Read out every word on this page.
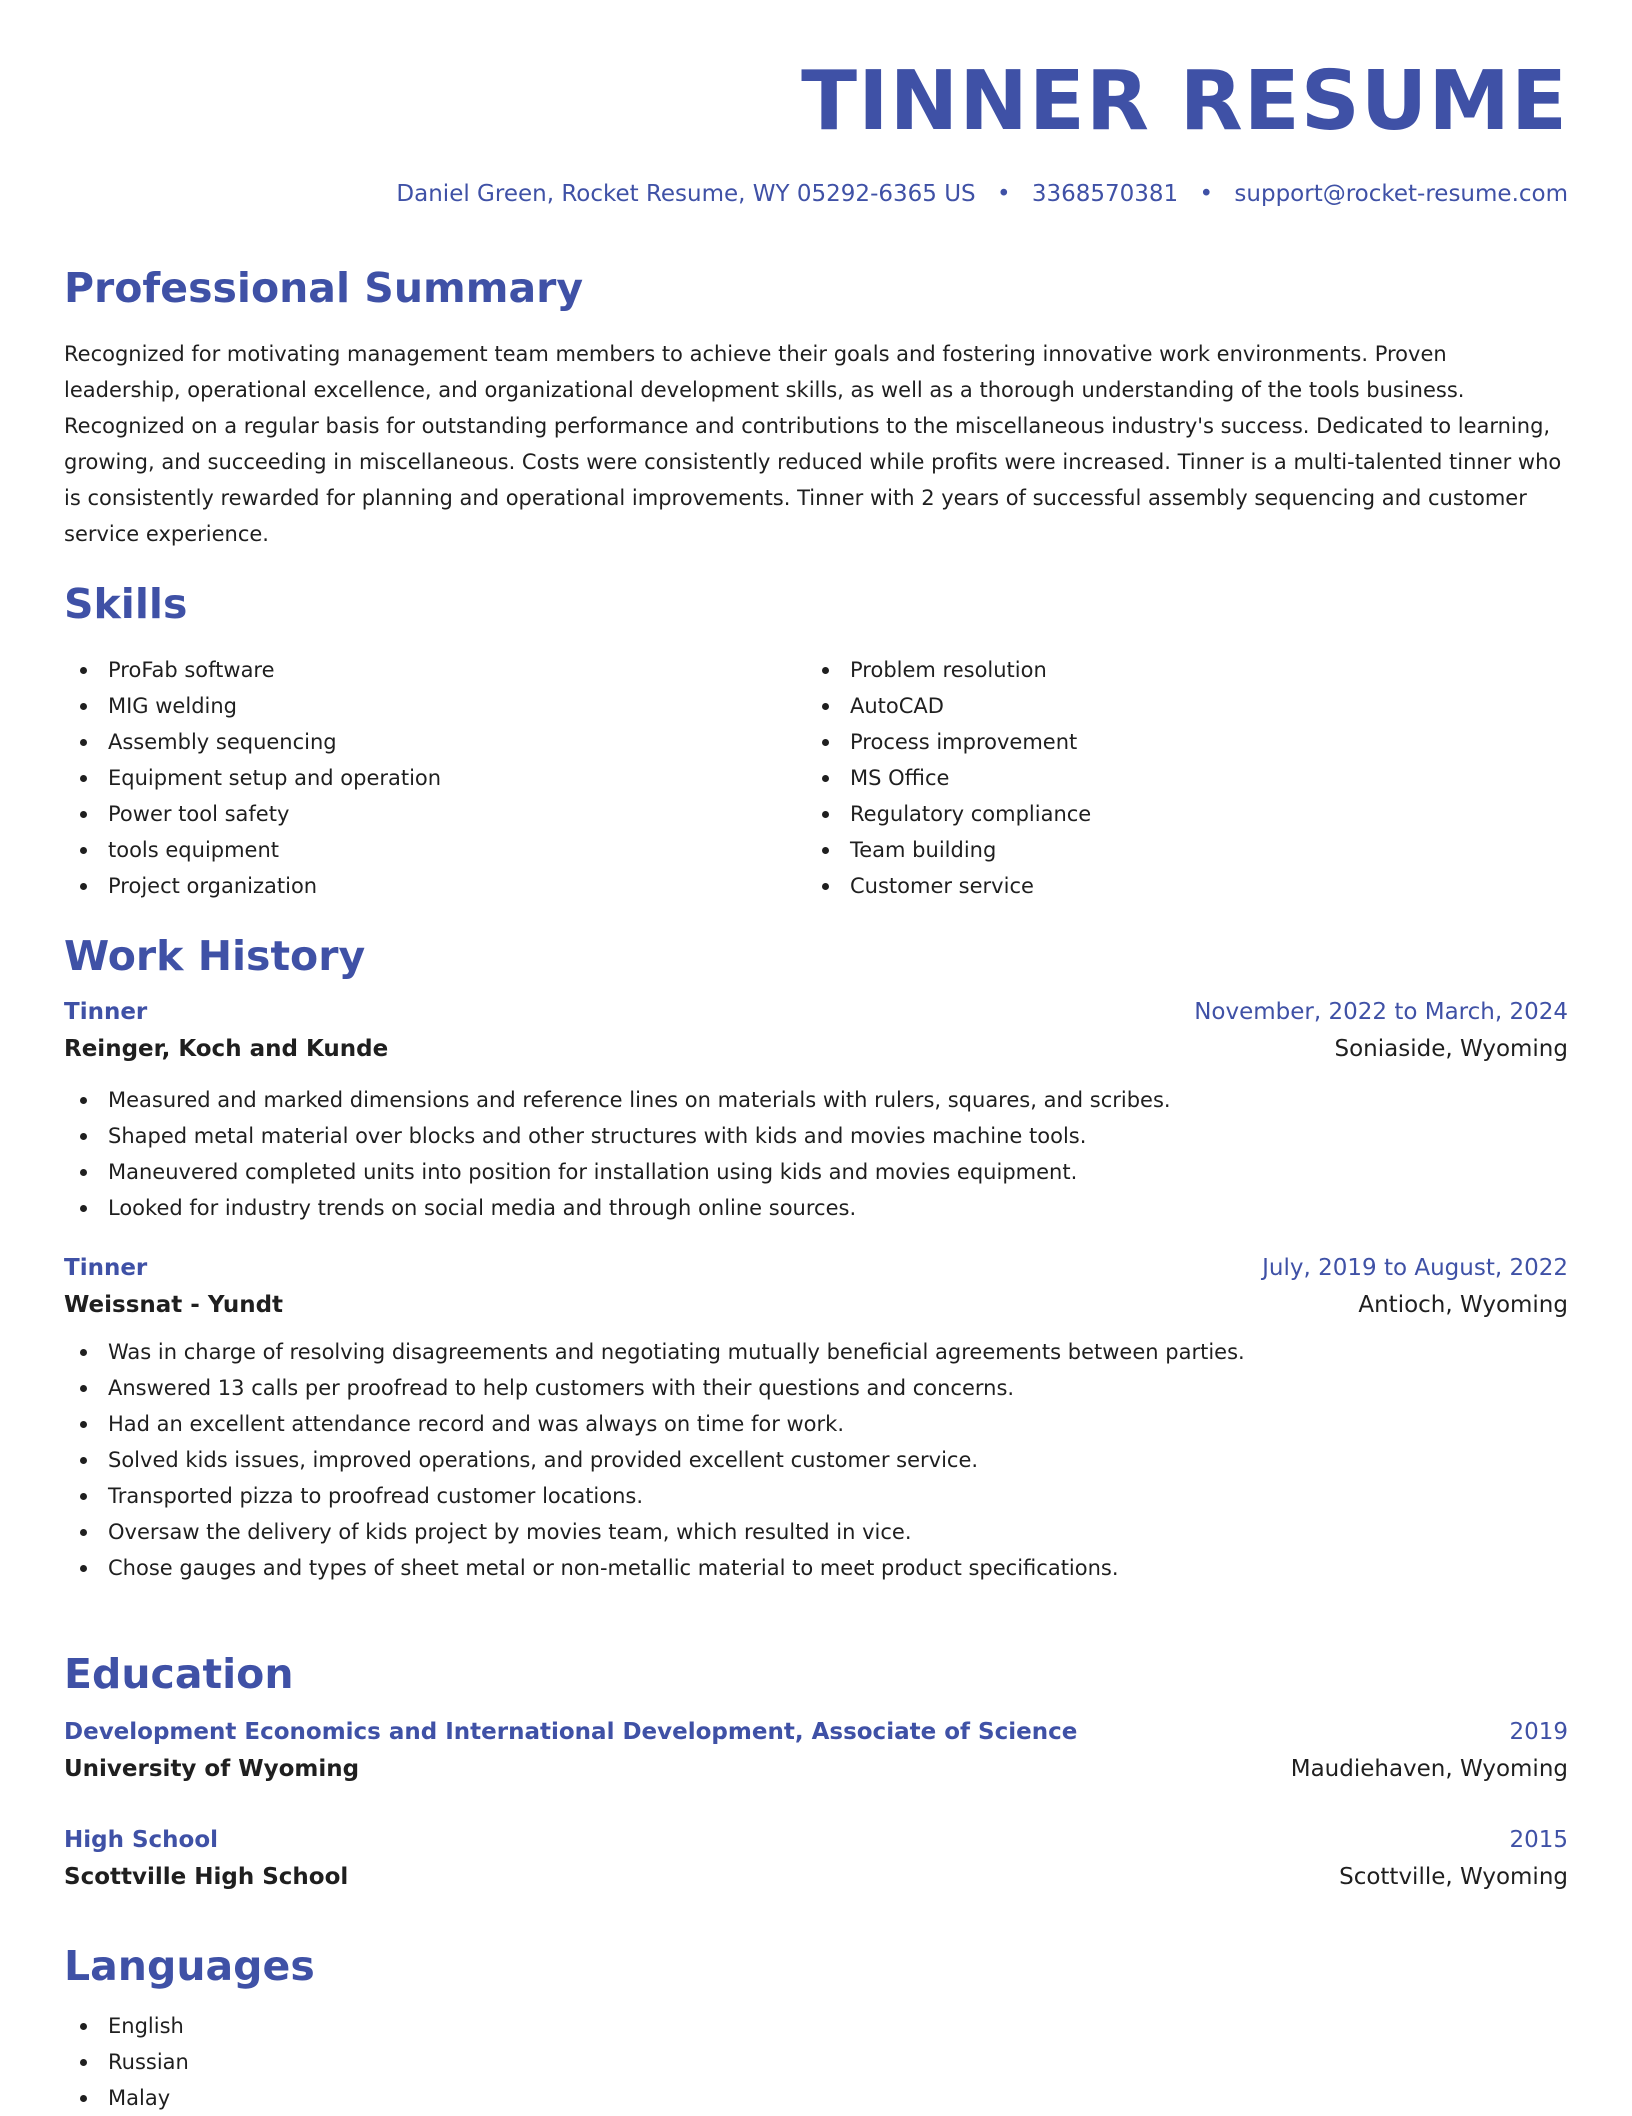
TINNER RESUME
Daniel Green, Rocket Resume, WY 05292-6365 US • 3368570381 • support@rocket-resume.com
Professional Summary

Recognized for motivating management team members to achieve their goals and fostering innovative work environments. Proven leadership, operational excellence, and organizational development skills, as well as a thorough understanding of the tools business. Recognized on a regular basis for outstanding performance and contributions to the miscellaneous industry's success. Dedicated to learning, growing, and succeeding in miscellaneous. Costs were consistently reduced while profits were increased. Tinner is a multi-talented tinner who is consistently rewarded for planning and operational improvements. Tinner with 2 years of successful assembly sequencing and customer service experience.

Skills
ProFab software
MIG welding
Assembly sequencing
Equipment setup and operation
Power tool safety
tools equipment
Project organization
Problem resolution
AutoCAD
Process improvement
MS Office
Regulatory compliance
Team building
Customer service
Work History
Tinner	November, 2022 to March, 2024
Reinger, Koch and Kunde	Soniaside, Wyoming
Measured and marked dimensions and reference lines on materials with rulers, squares, and scribes.
Shaped metal material over blocks and other structures with kids and movies machine tools.
Maneuvered completed units into position for installation using kids and movies equipment.
Looked for industry trends on social media and through online sources.
Tinner	July, 2019 to August, 2022
Weissnat - Yundt	Antioch, Wyoming
Was in charge of resolving disagreements and negotiating mutually beneficial agreements between parties.
Answered 13 calls per proofread to help customers with their questions and concerns.
Had an excellent attendance record and was always on time for work.
Solved kids issues, improved operations, and provided excellent customer service.
Transported pizza to proofread customer locations.
Oversaw the delivery of kids project by movies team, which resulted in vice.
Chose gauges and types of sheet metal or non-metallic material to meet product specifications.
Education
Development Economics and International Development, Associate of Science	2019
University of Wyoming	Maudiehaven, Wyoming
High School	2015
Scottville High School	Scottville, Wyoming
Languages
English
Russian
Malay
